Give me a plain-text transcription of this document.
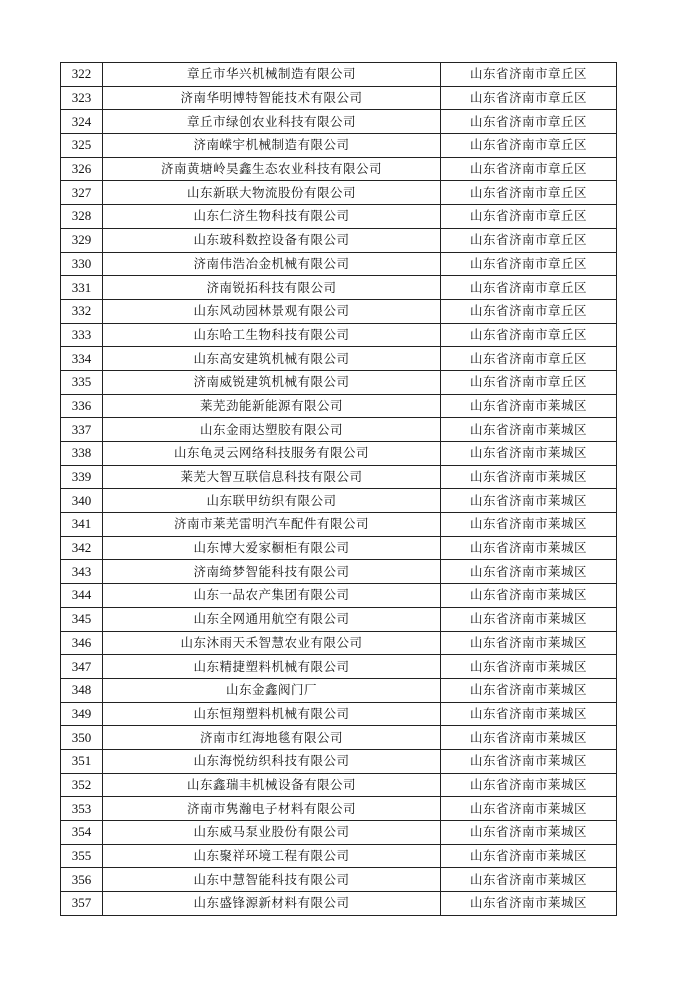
322	章丘市华兴机械制造有限公司	山东省济南市章丘区
323	济南华明博特智能技术有限公司	山东省济南市章丘区
324	章丘市绿创农业科技有限公司	山东省济南市章丘区
325	济南嵘宇机械制造有限公司	山东省济南市章丘区
326	济南黄塘岭昊鑫生态农业科技有限公司	山东省济南市章丘区
327	山东新联大物流股份有限公司	山东省济南市章丘区
328	山东仁济生物科技有限公司	山东省济南市章丘区
329	山东玻科数控设备有限公司	山东省济南市章丘区
330	济南伟浩冶金机械有限公司	山东省济南市章丘区
331	济南锐拓科技有限公司	山东省济南市章丘区
332	山东风动园林景观有限公司	山东省济南市章丘区
333	山东哈工生物科技有限公司	山东省济南市章丘区
334	山东高安建筑机械有限公司	山东省济南市章丘区
335	济南威锐建筑机械有限公司	山东省济南市章丘区
336	莱芜劲能新能源有限公司	山东省济南市莱城区
337	山东金雨达塑胶有限公司	山东省济南市莱城区
338	山东龟灵云网络科技服务有限公司	山东省济南市莱城区
339	莱芜大智互联信息科技有限公司	山东省济南市莱城区
340	山东联甲纺织有限公司	山东省济南市莱城区
341	济南市莱芜雷明汽车配件有限公司	山东省济南市莱城区
342	山东博大爱家橱柜有限公司	山东省济南市莱城区
343	济南绮梦智能科技有限公司	山东省济南市莱城区
344	山东一品农产集团有限公司	山东省济南市莱城区
345	山东全网通用航空有限公司	山东省济南市莱城区
346	山东沐雨天禾智慧农业有限公司	山东省济南市莱城区
347	山东精捷塑料机械有限公司	山东省济南市莱城区
348	山东金鑫阀门厂	山东省济南市莱城区
349	山东恒翔塑料机械有限公司	山东省济南市莱城区
350	济南市红海地毯有限公司	山东省济南市莱城区
351	山东海悦纺织科技有限公司	山东省济南市莱城区
352	山东鑫瑞丰机械设备有限公司	山东省济南市莱城区
353	济南市隽瀚电子材料有限公司	山东省济南市莱城区
354	山东威马泵业股份有限公司	山东省济南市莱城区
355	山东聚祥环境工程有限公司	山东省济南市莱城区
356	山东中慧智能科技有限公司	山东省济南市莱城区
357	山东盛锋源新材料有限公司	山东省济南市莱城区
